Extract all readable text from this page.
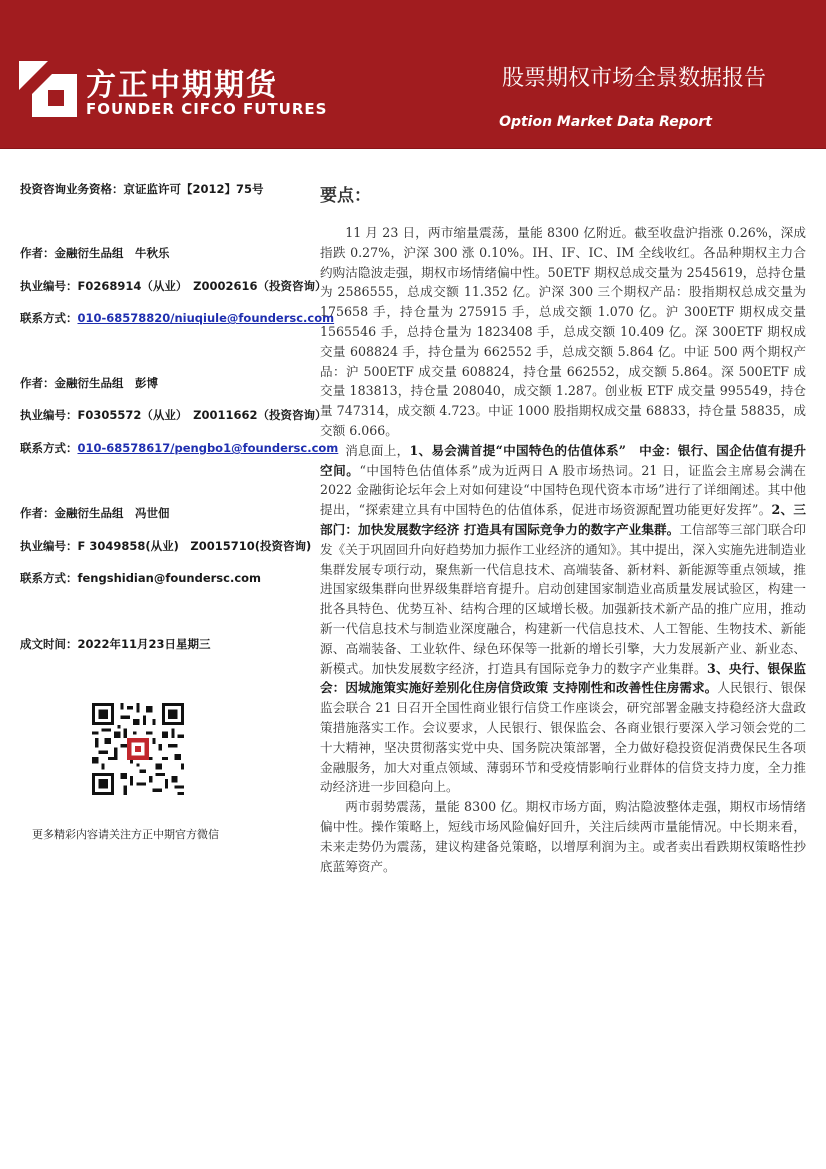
方正中期期货
FOUNDER CIFCO FUTURES
股票期权市场全景数据报告
Option Market Data Report
投资咨询业务资格：京证监许可【2012】75号
作者：金融衍生品组　牛秋乐
执业编号：F0268914（从业）　Z0002616（投资咨询）
联系方式：010-68578820/niuqiule@foundersc.com
作者：金融衍生品组　彭博
执业编号：F0305572（从业）　Z0011662（投资咨询）
联系方式：010-68578617/pengbo1@foundersc.com
作者：金融衍生品组　冯世佃
执业编号：F 3049858(从业)　Z0015710(投资咨询)
联系方式：fengshidian@foundersc.com
成文时间：2022年11月23日星期三
更多精彩内容请关注方正中期官方微信
要点：

11 月 23 日，两市缩量震荡，量能 8300 亿附近。截至收盘沪指涨 0.26%，深成指跌 0.27%，沪深 300 涨 0.10%。IH、IF、IC、IM 全线收红。各品种期权主力合约购沽隐波走强，期权市场情绪偏中性。50ETF 期权总成交量为 2545619，总持仓量为 2586555，总成交额 11.352 亿。沪深 300 三个期权产品：股指期权总成交量为 175658 手，持仓量为 275915 手，总成交额 1.070 亿。沪 300ETF 期权成交量 1565546 手，总持仓量为 1823408 手，总成交额 10.409 亿。深 300ETF 期权成交量 608824 手，持仓量为 662552 手，总成交额 5.864 亿。中证 500 两个期权产品：沪 500ETF 成交量 608824，持仓量 662552，成交额 5.864。深 500ETF 成交量 183813，持仓量 208040，成交额 1.287。创业板 ETF 成交量 995549，持仓量 747314，成交额 4.723。中证 1000 股指期权成交量 68833，持仓量 58835，成交额 6.066。

消息面上，1、易会满首提“中国特色的估值体系”　中金：银行、国企估值有提升空间。“中国特色估值体系”成为近两日 A 股市场热词。21 日，证监会主席易会满在 2022 金融街论坛年会上对如何建设“中国特色现代资本市场”进行了详细阐述。其中他提出，“探索建立具有中国特色的估值体系，促进市场资源配置功能更好发挥”。2、三部门：加快发展数字经济 打造具有国际竞争力的数字产业集群。工信部等三部门联合印发《关于巩固回升向好趋势加力振作工业经济的通知》。其中提出，深入实施先进制造业集群发展专项行动，聚焦新一代信息技术、高端装备、新材料、新能源等重点领域，推进国家级集群向世界级集群培育提升。启动创建国家制造业高质量发展试验区，构建一批各具特色、优势互补、结构合理的区域增长极。加强新技术新产品的推广应用，推动新一代信息技术与制造业深度融合，构建新一代信息技术、人工智能、生物技术、新能源、高端装备、工业软件、绿色环保等一批新的增长引擎，大力发展新产业、新业态、新模式。加快发展数字经济，打造具有国际竞争力的数字产业集群。3、央行、银保监会：因城施策实施好差别化住房信贷政策 支持刚性和改善性住房需求。人民银行、银保监会联合 21 日召开全国性商业银行信贷工作座谈会，研究部署金融支持稳经济大盘政策措施落实工作。会议要求，人民银行、银保监会、各商业银行要深入学习领会党的二十大精神，坚决贯彻落实党中央、国务院决策部署，全力做好稳投资促消费保民生各项金融服务，加大对重点领域、薄弱环节和受疫情影响行业群体的信贷支持力度，全力推动经济进一步回稳向上。

两市弱势震荡，量能 8300 亿。期权市场方面，购沽隐波整体走强，期权市场情绪偏中性。操作策略上，短线市场风险偏好回升，关注后续两市量能情况。中长期来看，未来走势仍为震荡，建议构建备兑策略，以增厚利润为主。或者卖出看跌期权策略性抄底蓝筹资产。
